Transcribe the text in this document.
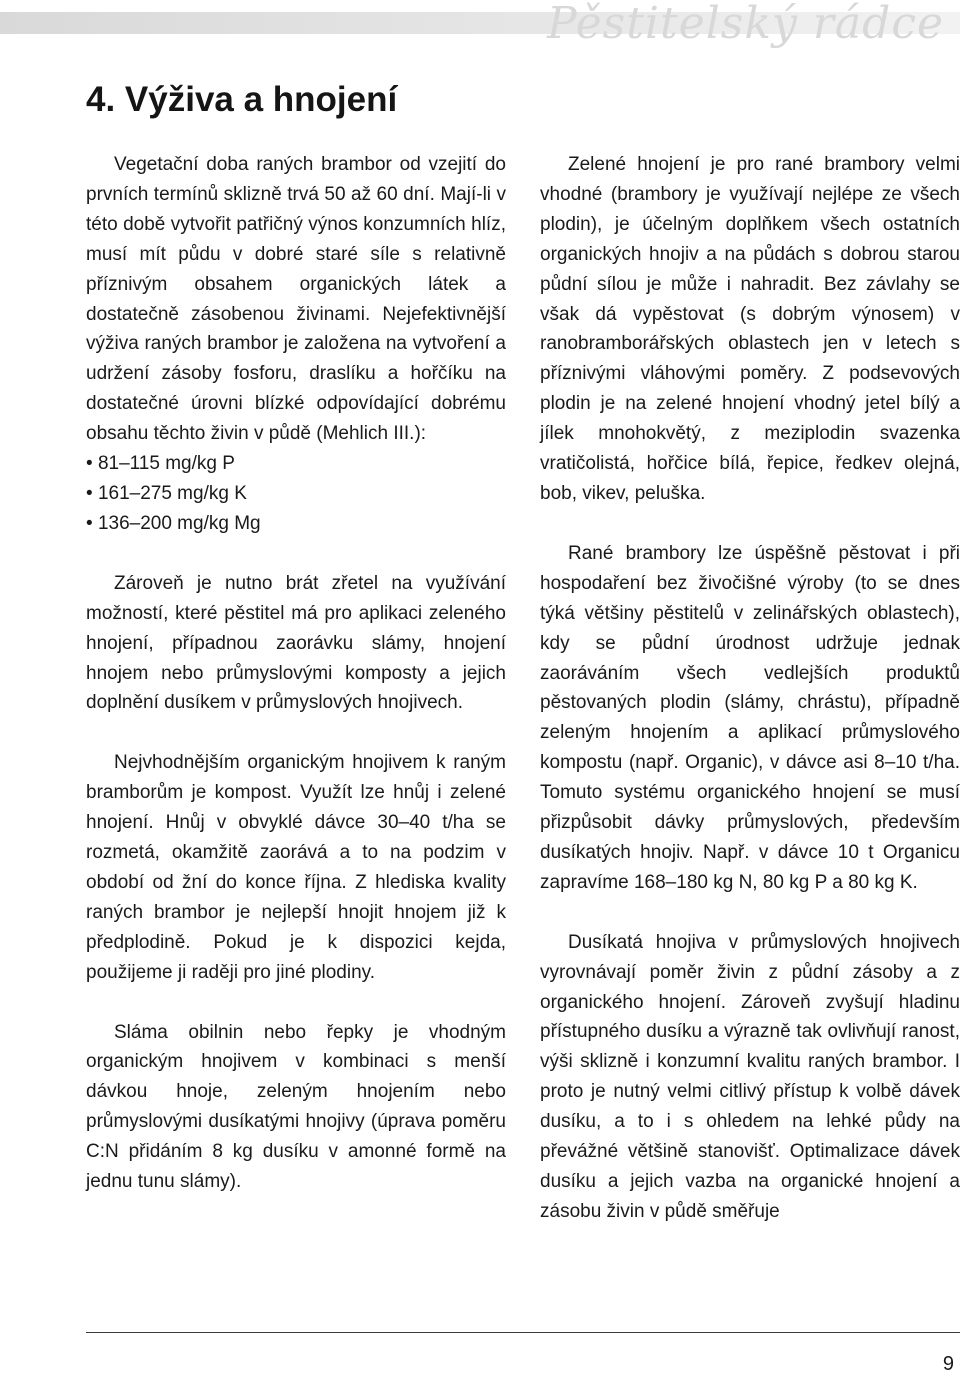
Pěstitelský rádce
4. Výživa a hnojení

Vegetační doba raných brambor od vzejití do prvních termínů sklizně trvá 50 až 60 dní. Mají-li v této době vytvořit patřičný výnos konzumních hlíz, musí mít půdu v dobré staré síle s relativně příznivým obsahem organických látek a dostatečně zásobenou živinami. Nejefektivnější výživa raných brambor je založena na vytvoření a udržení zásoby fosforu, draslíku a hořčíku na dostatečné úrovni blízké odpovídající dobrému obsahu těchto živin v půdě (Mehlich III.):

• 81–115 mg/kg P
• 161–275 mg/kg K
• 136–200 mg/kg Mg

Zároveň je nutno brát zřetel na využívání možností, které pěstitel má pro aplikaci zeleného hnojení, případnou zaorávku slámy, hnojení hnojem nebo průmyslovými komposty a jejich doplnění dusíkem v průmyslových hnojivech.

Nejvhodnějším organickým hnojivem k raným bramborům je kompost. Využít lze hnůj i zelené hnojení. Hnůj v obvyklé dávce 30–40 t/ha se rozmetá, okamžitě zaorává a to na podzim v období od žní do konce října. Z hlediska kvality raných brambor je nejlepší hnojit hnojem již k předplodině. Pokud je k dispozici kejda, použijeme ji raději pro jiné plodiny.

Sláma obilnin nebo řepky je vhodným organickým hnojivem v kombinaci s menší dávkou hnoje, zeleným hnojením nebo průmyslovými dusíkatými hnojivy (úprava poměru C:N přidáním 8 kg dusíku v amonné formě na jednu tunu slámy).

Zelené hnojení je pro rané brambory velmi vhodné (brambory je využívají nejlépe ze všech plodin), je účelným doplňkem všech ostatních organických hnojiv a na půdách s dobrou starou půdní sílou je může i nahradit. Bez závlahy se však dá vypěstovat (s dobrým výnosem) v ranobramborářských oblastech jen v letech s příznivými vláhovými poměry. Z podsevových plodin je na zelené hnojení vhodný jetel bílý a jílek mnohokvětý, z meziplodin svazenka vratičolistá, hořčice bílá, řepice, ředkev olejná, bob, vikev, peluška.

Rané brambory lze úspěšně pěstovat i při hospodaření bez živočišné výroby (to se dnes týká většiny pěstitelů v zelinářských oblastech), kdy se půdní úrodnost udržuje jednak zaoráváním všech vedlejších produktů pěstovaných plodin (slámy, chrástu), případně zeleným hnojením a aplikací průmyslového kompostu (např. Organic), v dávce asi 8–10 t/ha. Tomuto systému organického hnojení se musí přizpůsobit dávky průmyslových, především dusíkatých hnojiv. Např. v dávce 10 t Organicu zapravíme 168–180 kg N, 80 kg P a 80 kg K.

Dusíkatá hnojiva v průmyslových hnojivech vyrovnávají poměr živin z půdní zásoby a z organického hnojení. Zároveň zvyšují hladinu přístupného dusíku a výrazně tak ovlivňují ranost, výši sklizně i konzumní kvalitu raných brambor. I proto je nutný velmi citlivý přístup k volbě dávek dusíku, a to i s ohledem na lehké půdy na převážné většině stanovišť. Optimalizace dávek dusíku a jejich vazba na organické hnojení a zásobu živin v půdě směřuje

9
